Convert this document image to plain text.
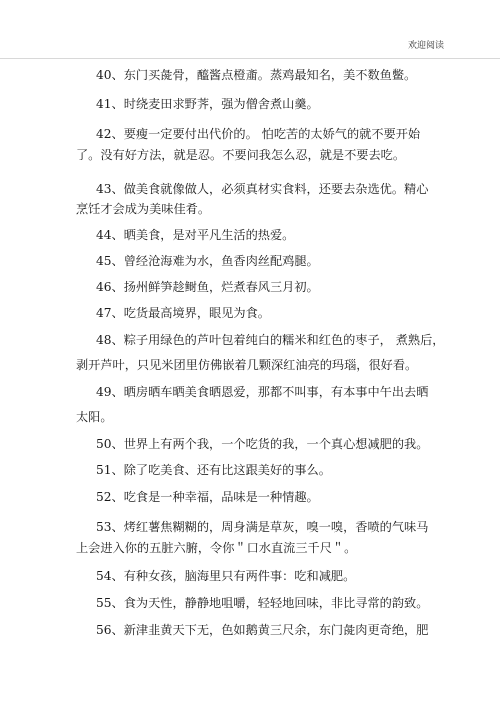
欢迎阅读
40、东门买彘骨，醯酱点橙齑。蒸鸡最知名，美不数鱼鳖。
41、时绕麦田求野荠，强为僧舍煮山羹。
42、要瘦一定要付出代价的。 怕吃苦的太娇气的就不要开始
了。没有好方法，就是忍。不要问我怎么忍，就是不要去吃。
43、做美食就像做人，必须真材实食料，还要去杂选优。精心
烹饪才会成为美味佳肴。
44、晒美食，是对平凡生活的热爱。
45、曾经沧海难为水，鱼香肉丝配鸡腿。
46、扬州鲜笋趁鲥鱼，烂煮春风三月初。
47、吃货最高境界，眼见为食。
48、粽子用绿色的芦叶包着纯白的糯米和红色的枣子， 煮熟后，
剥开芦叶，只见米团里仿佛嵌着几颗深红油亮的玛瑙，很好看。
49、晒房晒车晒美食晒恩爱，那都不叫事，有本事中午出去晒
太阳。
50、世界上有两个我，一个吃货的我，一个真心想减肥的我。
51、除了吃美食、还有比这跟美好的事么。
52、吃食是一种幸福，品味是一种情趣。
53、烤红薯焦糊糊的，周身满是草灰，嗅一嗅，香喷的气味马
上会进入你的五脏六腑，令你＂口水直流三千尺＂。
54、有种女孩，脑海里只有两件事：吃和减肥。
55、食为天性，静静地咀嚼，轻轻地回味，非比寻常的韵致。
56、新津韭黄天下无，色如鹅黄三尺余，东门彘肉更奇绝，肥
